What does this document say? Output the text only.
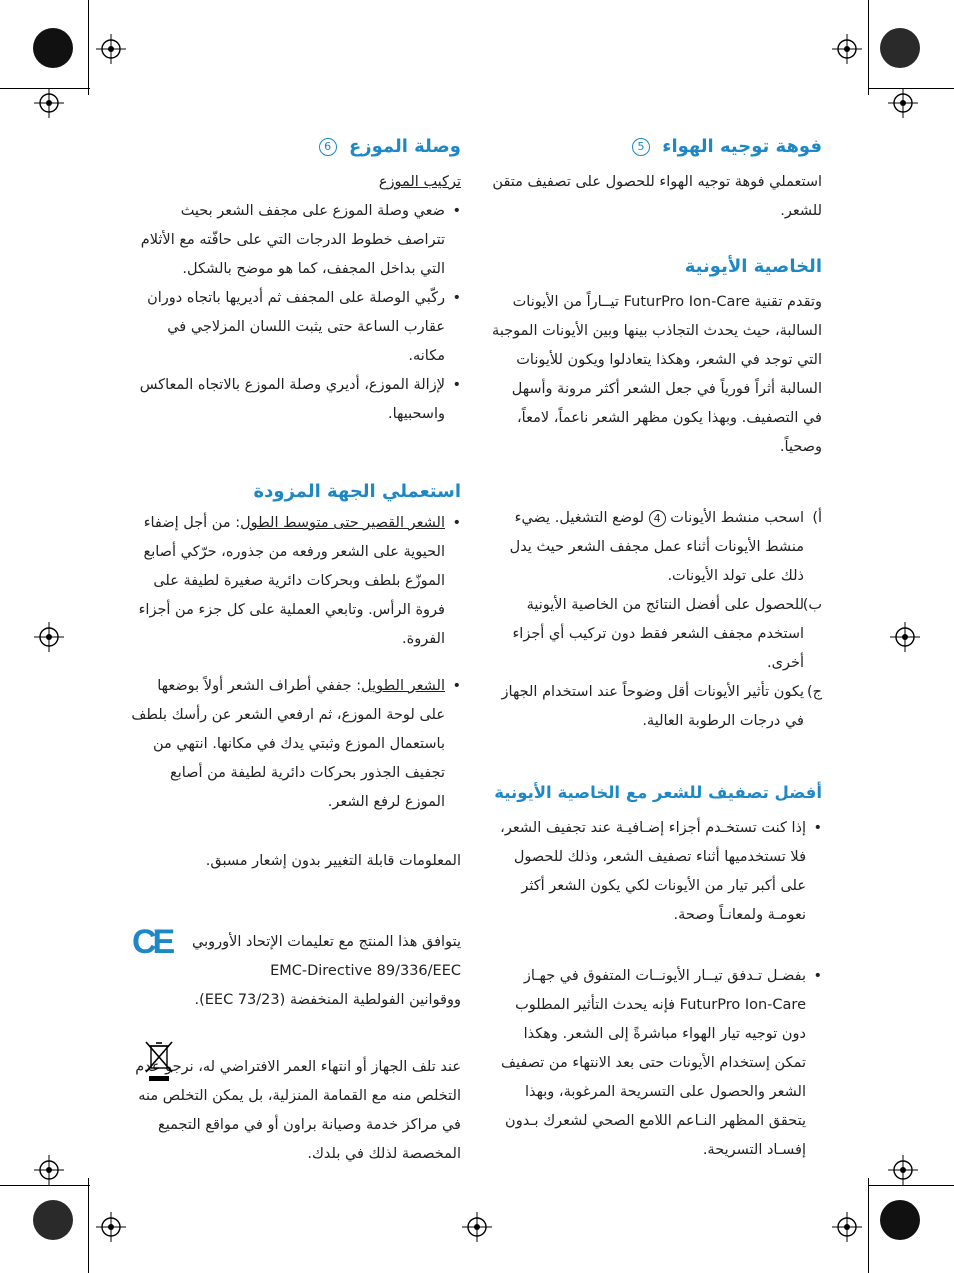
فوهة توجيه الهواء 5

استعملي فوهة توجيه الهواء للحصول على تصفيف متقن للشعر.

الخاصية الأيونية

وتقدم تقنية FuturPro Ion-Care تيــاراً من الأيونات السالبة، حيث يحدث التجاذب بينها وبين الأيونات الموجبة التي توجد في الشعر، وهكذا يتعادلوا ويكون للأيونات السالبة أثراً فورياً في جعل الشعر أكثر مرونة وأسهل في التصفيف. وبهذا يكون مظهر الشعر ناعماً، لامعاً، وصحياً.

أ)
اسحب منشط الأيونات 4 لوضع التشغيل. يضيء منشط الأيونات أثناء عمل مجفف الشعر حيث يدل ذلك على تولد الأيونات.
ب)
للحصول على أفضل النتائج من الخاصية الأيونية استخدم مجفف الشعر فقط دون تركيب أي أجزاء أخرى.
ج)
يكون تأثير الأيونات أقل وضوحاً عند استخدام الجهاز في درجات الرطوبة العالية.
أفضل تصفيف للشعر مع الخاصية الأيونية
•
إذا كنت تستخـدم أجزاء إضـافيـة عند تجفيف الشعر، فلا تستخدميها أثناء تصفيف الشعر، وذلك للحصول على أكبر تيار من الأيونات لكي يكون الشعر أكثر نعومـة ولمعانـاً وصحة.
•
بفضـل تـدفق تيــار الأيونــات المتفوق في جهـاز FuturPro Ion-Care فإنه يحدث التأثير المطلوب دون توجيه تيار الهواء مباشرةً إلى الشعر. وهكذا تمكن إستخدام الأيونات حتى بعد الانتهاء من تصفيف الشعر والحصول على التسريحة المرغوبة، وبهذا يتحقق المظهر النـاعم اللامع الصحي لشعرك بـدون إفسـاد التسريحة.
وصلة الموزع 6

تركيب الموزع

•
ضعي وصلة الموزع على مجفف الشعر بحيث تتراصف خطوط الدرجات التي على حافّته مع الأثلام التي بداخل المجفف، كما هو موضح بالشكل.
•
ركّبي الوصلة على المجفف ثم أديريها باتجاه دوران عقارب الساعة حتى يثبت اللسان المزلاجي في مكانه.
•
لإزالة الموزع، أديري وصلة الموزع بالاتجاه المعاكس واسحبيها.
استعملي الجهة المزودة
•
الشعر القصير حتى متوسط الطول: من أجل إضفاء الحيوية على الشعر ورفعه من جذوره، حرّكي أصابع الموزّع بلطف وبحركات دائرية صغيرة لطيفة على فروة الرأس. وتابعي العملية على كل جزء من أجزاء الفروة.
•
الشعر الطويل: جففي أطراف الشعر أولاً بوضعها على لوحة الموزع، ثم ارفعي الشعر عن رأسك بلطف باستعمال الموزع وثبتي يدك في مكانها. انتهي من تجفيف الجذور بحركات دائرية لطيفة من أصابع الموزع لرفع الشعر.

المعلومات قابلة التغيير بدون إشعار مسبق.

يتوافق هذا المنتج مع تعليمات الإتحاد الأوروبي

EMC-Directive 89/336/EEC

ووقوانين الفولطية المنخفضة (73/23 EEC).

عند تلف الجهاز أو انتهاء العمر الافتراضي له، نرجو عدم التخلص منه مع القمامة المنزلية، بل يمكن التخلص منه في مراكز خدمة وصيانة براون أو في مواقع التجميع المخصصة لذلك في بلدك.

CE
